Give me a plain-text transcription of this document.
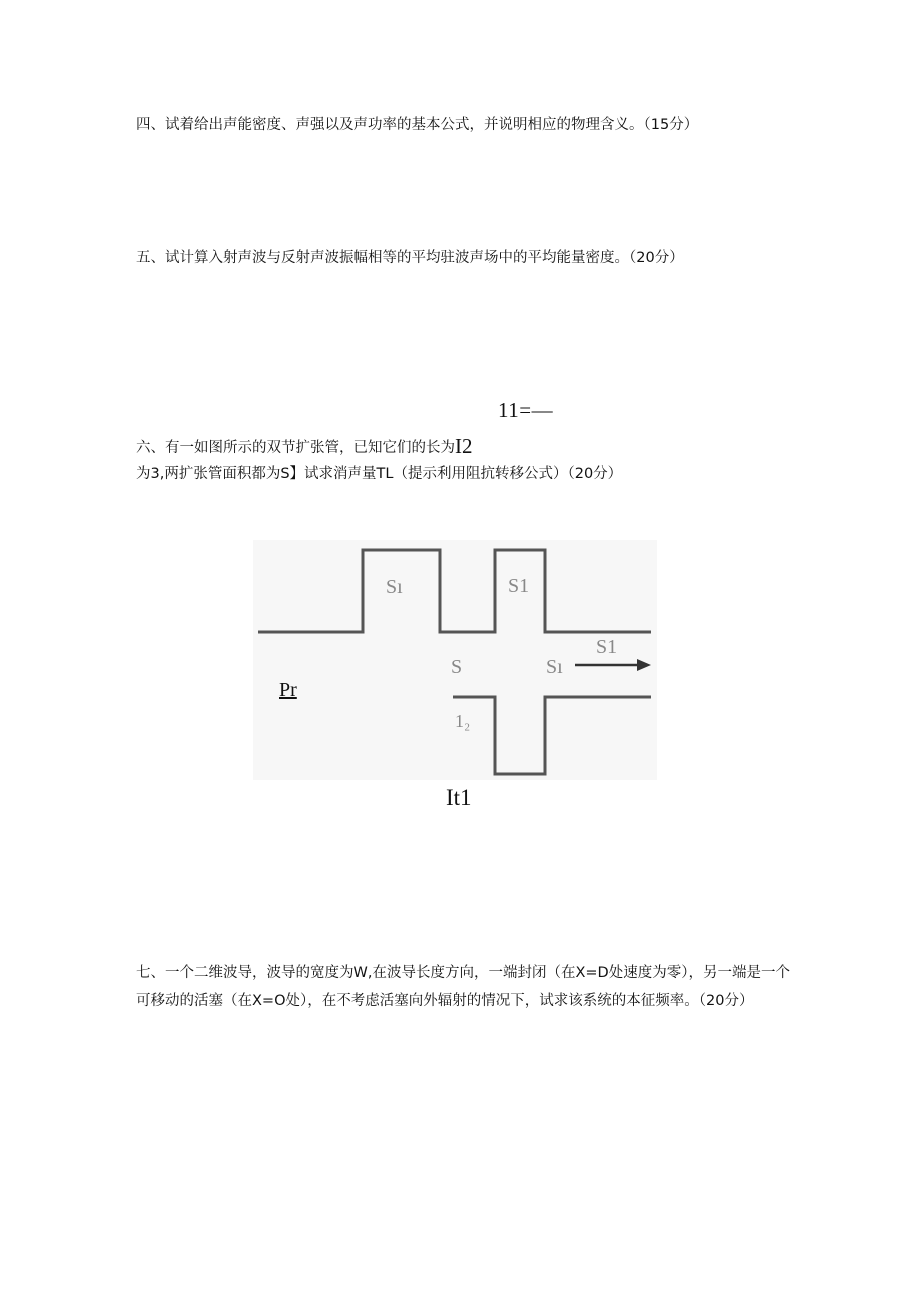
四、试着给出声能密度、声强以及声功率的基本公式，并说明相应的物理含义。（15分）
五、试计算入射声波与反射声波振幅相等的平均驻波声场中的平均能量密度。（20分）
11=—
六、有一如图所示的双节扩张管，已知它们的长为I2
为3,两扩张管面积都为S】试求消声量TL（提示利用阻抗转移公式）（20分）
Sı	S1
S	Sı
S1
1₂
Pr
It1
七、一个二维波导，波导的宽度为W,在波导长度方向，一端封闭（在X=D处速度为零），另一端是一个可移动的活塞（在X=O处），在不考虑活塞向外辐射的情况下，试求该系统的本征频率。（20分）
